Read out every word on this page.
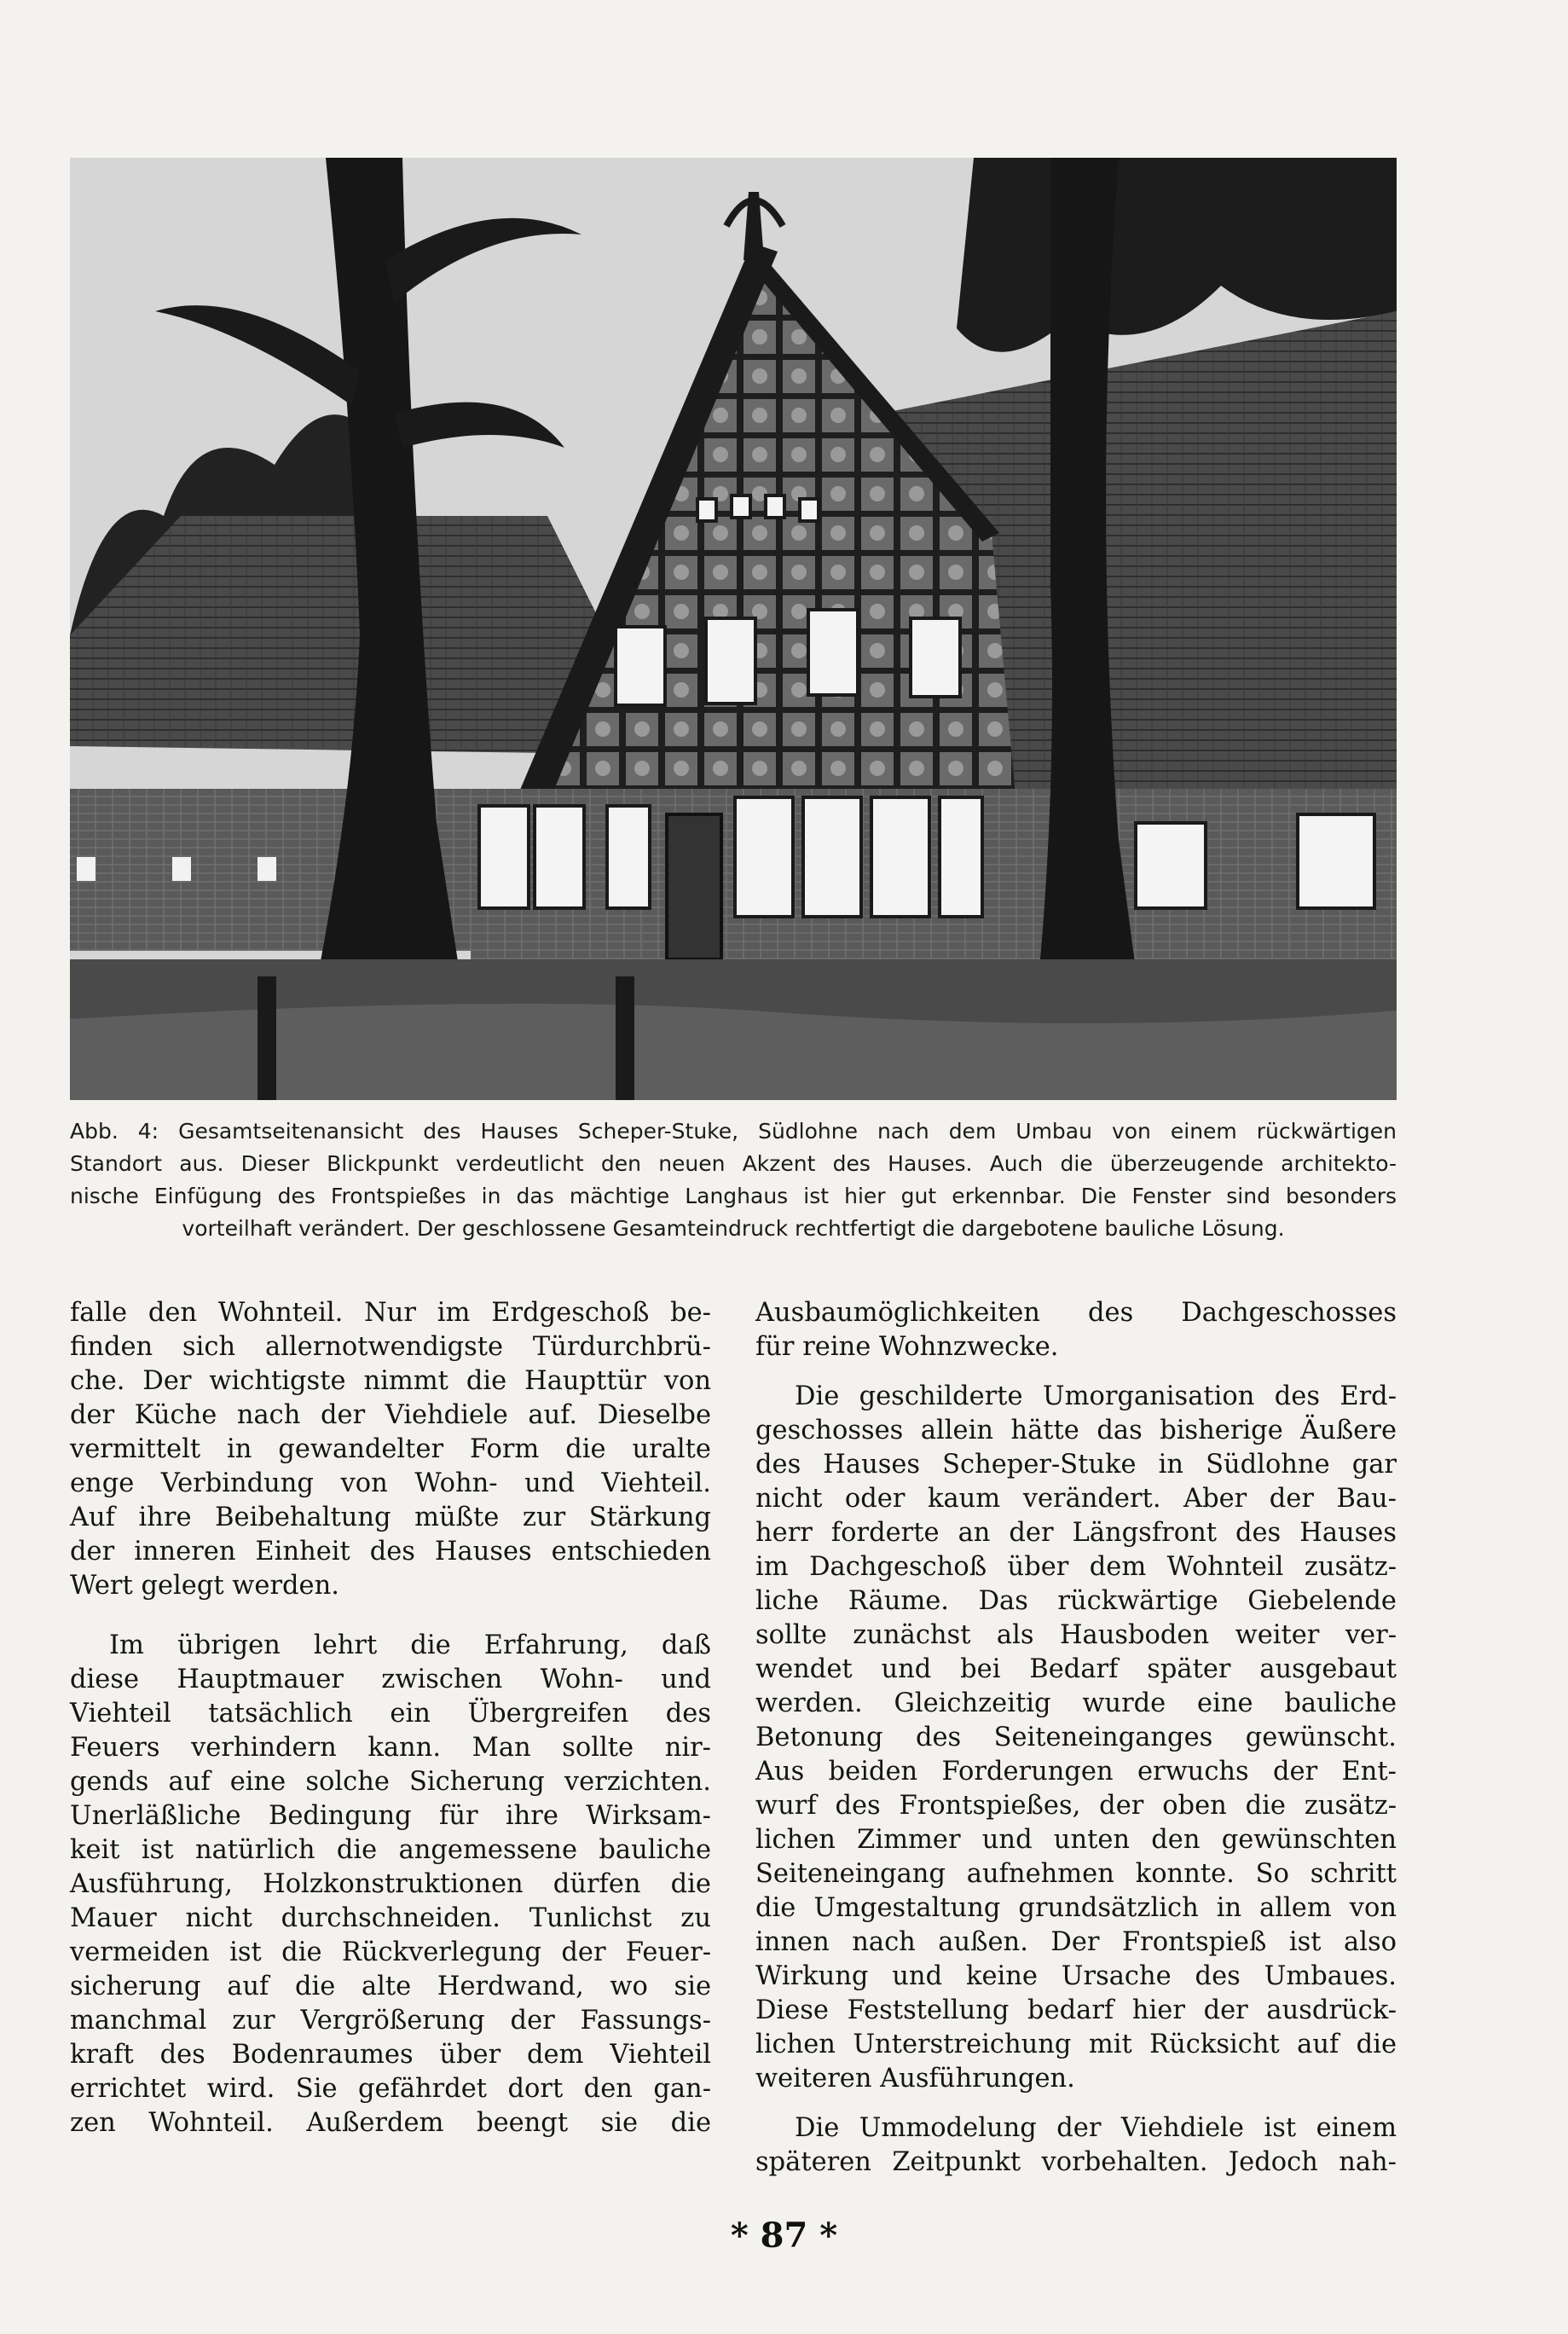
Abb. 4: Gesamtseitenansicht des Hauses Scheper-Stuke, Südlohne nach dem Umbau von einem rückwärtigen
Standort aus. Dieser Blickpunkt verdeutlicht den neuen Akzent des Hauses. Auch die überzeugende architekto-
nische Einfügung des Frontspießes in das mächtige Langhaus ist hier gut erkennbar. Die Fenster sind besonders
vorteilhaft verändert. Der geschlossene Gesamteindruck rechtfertigt die dargebotene bauliche Lösung.
falle den Wohnteil. Nur im Erdgeschoß be-
finden sich allernotwendigste Türdurchbrü-
che. Der wichtigste nimmt die Haupttür von
der Küche nach der Viehdiele auf. Dieselbe
vermittelt in gewandelter Form die uralte
enge Verbindung von Wohn- und Viehteil.
Auf ihre Beibehaltung müßte zur Stärkung
der inneren Einheit des Hauses entschieden
Wert gelegt werden.
Im übrigen lehrt die Erfahrung, daß
diese Hauptmauer zwischen Wohn- und
Viehteil tatsächlich ein Übergreifen des
Feuers verhindern kann. Man sollte nir-
gends auf eine solche Sicherung verzichten.
Unerläßliche Bedingung für ihre Wirksam-
keit ist natürlich die angemessene bauliche
Ausführung, Holzkonstruktionen dürfen die
Mauer nicht durchschneiden. Tunlichst zu
vermeiden ist die Rückverlegung der Feuer-
sicherung auf die alte Herdwand, wo sie
manchmal zur Vergrößerung der Fassungs-
kraft des Bodenraumes über dem Viehteil
errichtet wird. Sie gefährdet dort den gan-
zen Wohnteil. Außerdem beengt sie die
Ausbaumöglichkeiten des Dachgeschosses
für reine Wohnzwecke.
Die geschilderte Umorganisation des Erd-
geschosses allein hätte das bisherige Äußere
des Hauses Scheper-Stuke in Südlohne gar
nicht oder kaum verändert. Aber der Bau-
herr forderte an der Längsfront des Hauses
im Dachgeschoß über dem Wohnteil zusätz-
liche Räume. Das rückwärtige Giebelende
sollte zunächst als Hausboden weiter ver-
wendet und bei Bedarf später ausgebaut
werden. Gleichzeitig wurde eine bauliche
Betonung des Seiteneinganges gewünscht.
Aus beiden Forderungen erwuchs der Ent-
wurf des Frontspießes, der oben die zusätz-
lichen Zimmer und unten den gewünschten
Seiteneingang aufnehmen konnte. So schritt
die Umgestaltung grundsätzlich in allem von
innen nach außen. Der Frontspieß ist also
Wirkung und keine Ursache des Umbaues.
Diese Feststellung bedarf hier der ausdrück-
lichen Unterstreichung mit Rücksicht auf die
weiteren Ausführungen.
Die Ummodelung der Viehdiele ist einem
späteren Zeitpunkt vorbehalten. Jedoch nah-
* 87 *
